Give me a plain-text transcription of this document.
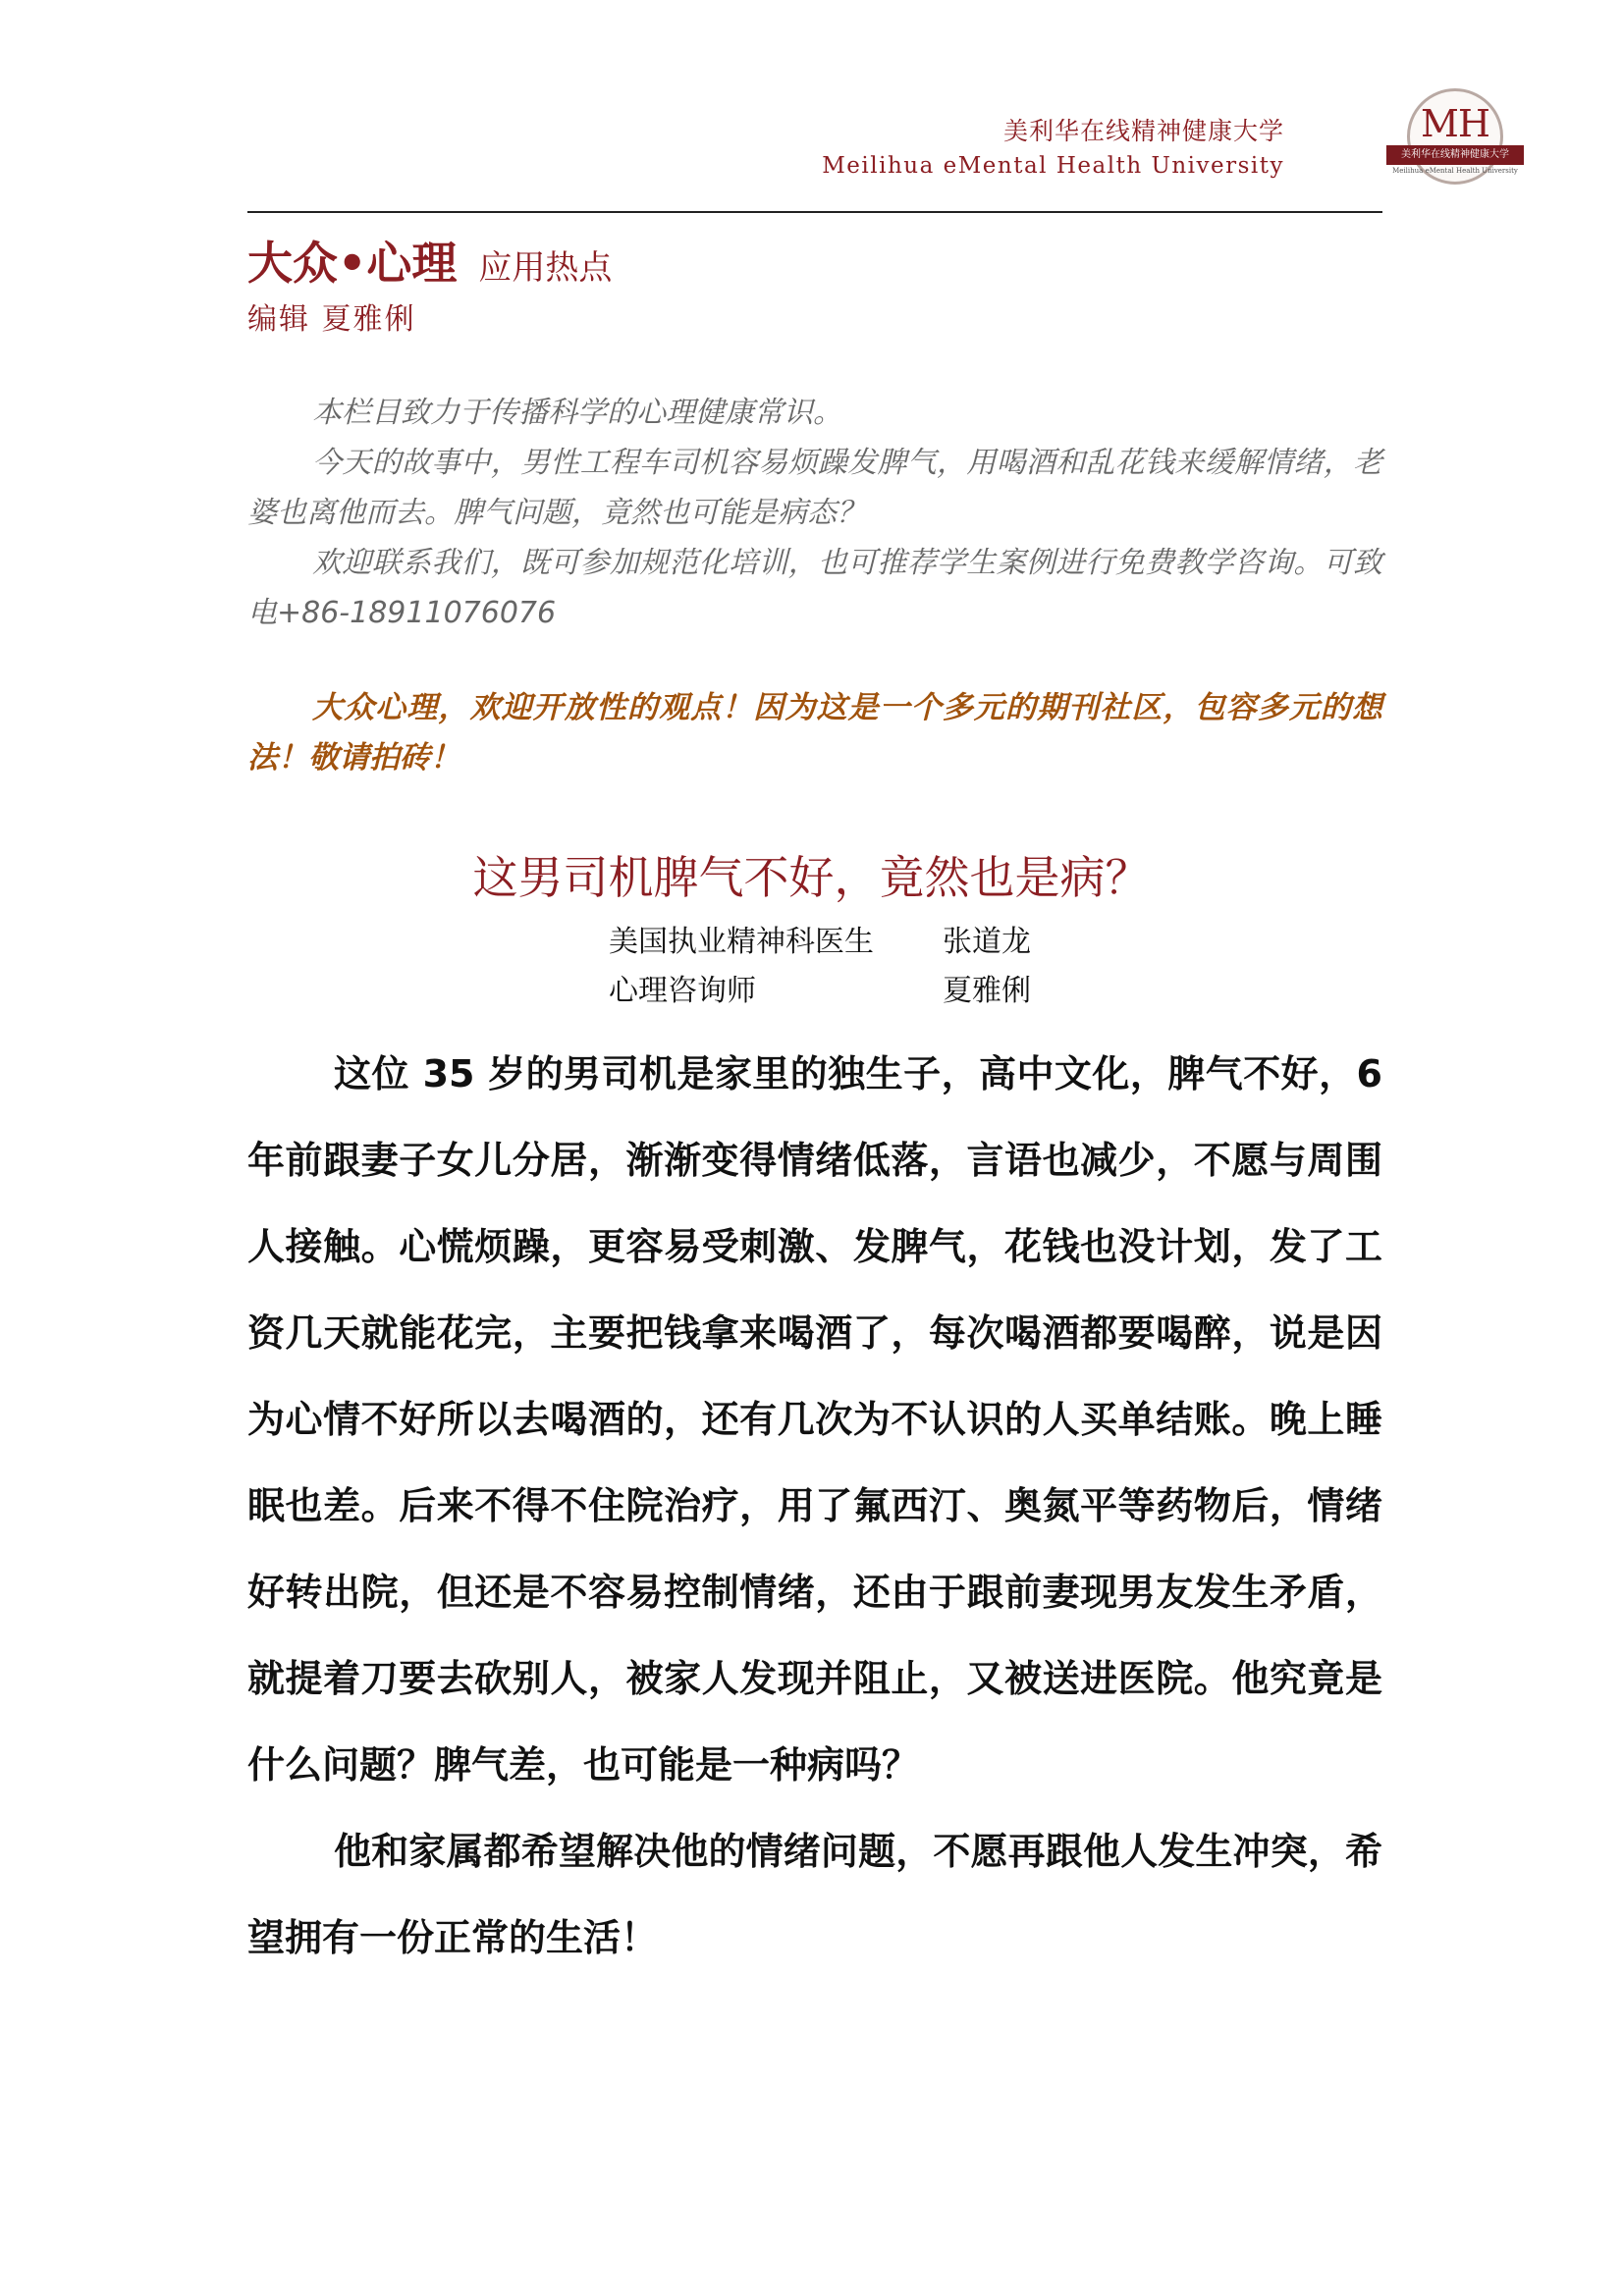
美利华在线精神健康大学
Meilihua eMental Health University
MH
美利华在线精神健康大学
Meilihua eMental Health University
大众•心理 应用热点
编辑 夏雅俐

本栏目致力于传播科学的心理健康常识。

今天的故事中，男性工程车司机容易烦躁发脾气，用喝酒和乱花钱来缓解情绪，老婆也离他而去。脾气问题，竟然也可能是病态？

欢迎联系我们，既可参加规范化培训，也可推荐学生案例进行免费教学咨询。可致电+86-18911076076

大众心理，欢迎开放性的观点！因为这是一个多元的期刊社区，包容多元的想法！敬请拍砖！
这男司机脾气不好，竟然也是病？
美国执业精神科医生	张道龙
心理咨询师	夏雅俐

这位 35 岁的男司机是家里的独生子，高中文化，脾气不好，6 年前跟妻子女儿分居，渐渐变得情绪低落，言语也减少，不愿与周围人接触。心慌烦躁，更容易受刺激、发脾气，花钱也没计划，发了工资几天就能花完，主要把钱拿来喝酒了，每次喝酒都要喝醉，说是因为心情不好所以去喝酒的，还有几次为不认识的人买单结账。晚上睡眠也差。后来不得不住院治疗，用了氟西汀、奥氮平等药物后，情绪好转出院，但还是不容易控制情绪，还由于跟前妻现男友发生矛盾，就提着刀要去砍别人，被家人发现并阻止，又被送进医院。他究竟是什么问题？脾气差，也可能是一种病吗？

他和家属都希望解决他的情绪问题，不愿再跟他人发生冲突，希望拥有一份正常的生活！
